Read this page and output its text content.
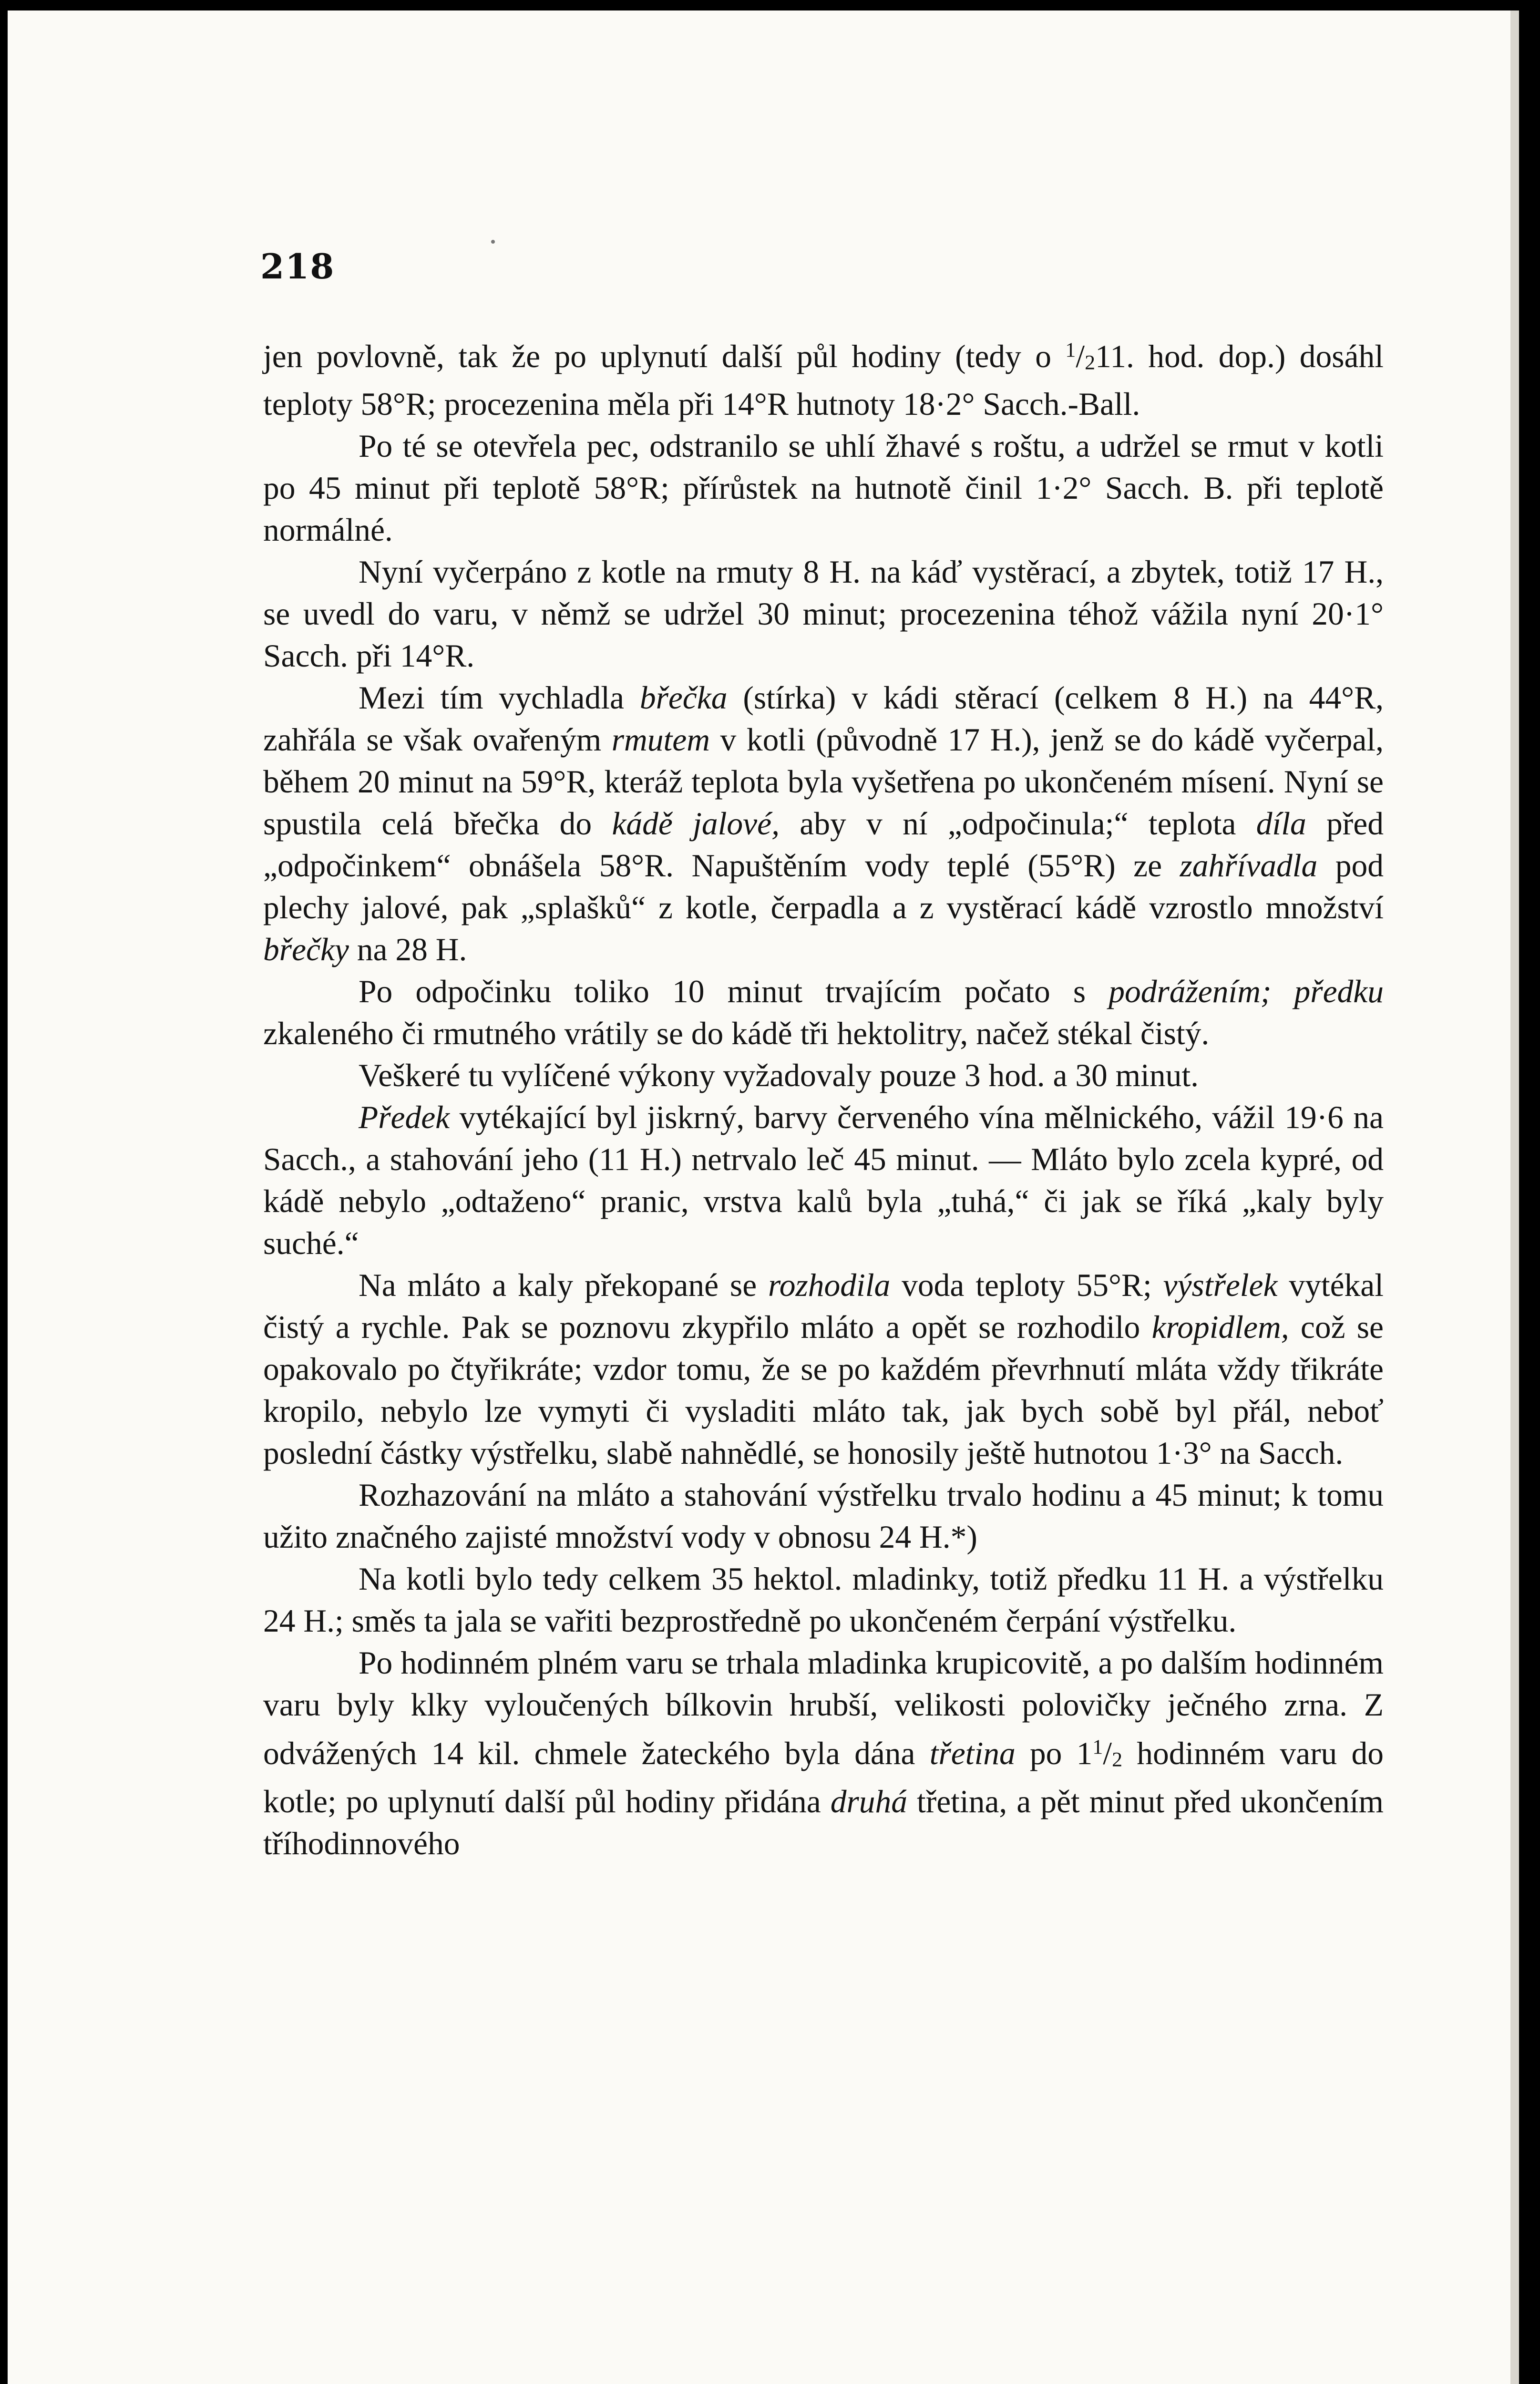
218

jen povlovně, tak že po uplynutí další půl hodiny (tedy o $^1$/211. hod. dop.) dosáhl teploty 58°R; procezenina měla při 14°R hutnoty 18·2° Sacch.-Ball.

Po té se otevřela pec, odstranilo se uhlí žhavé s roštu, a udržel se rmut v kotli po 45 minut při teplotě 58°R; přírůstek na hutnotě činil 1·2° Sacch. B. při teplotě normálné.

Nyní vyčerpáno z kotle na rmuty 8 H. na káď vystěrací, a zbytek, totiž 17 H., se uvedl do varu, v němž se udržel 30 minut; procezenina téhož vážila nyní 20·1° Sacch. při 14°R.

Mezi tím vychladla břečka (stírka) v kádi stěrací (celkem 8 H.) na 44°R, zahřála se však ovařeným rmutem v kotli (původně 17 H.), jenž se do kádě vyčerpal, během 20 minut na 59°R, kteráž teplota byla vyšetřena po ukončeném mísení. Nyní se spustila celá břečka do kádě jalové, aby v ní „odpočinula;“ teplota díla před „odpočinkem“ obnášela 58°R. Napuštěním vody teplé (55°R) ze zahřívadla pod plechy jalové, pak „splašků“ z kotle, čerpadla a z vystěrací kádě vzrostlo množství břečky na 28 H.

Po odpočinku toliko 10 minut trvajícím počato s podrážením; předku zkaleného či rmutného vrátily se do kádě tři hektolitry, načež stékal čistý.

Veškeré tu vylíčené výkony vyžadovaly pouze 3 hod. a 30 minut.

Předek vytékající byl jiskrný, barvy červeného vína mělnického, vážil 19·6 na Sacch., a stahování jeho (11 H.) netrvalo leč 45 minut. — Mláto bylo zcela kypré, od kádě nebylo „odtaženo“ pranic, vrstva kalů byla „tuhá,“ či jak se říká „kaly byly suché.“

Na mláto a kaly překopané se rozhodila voda teploty 55°R; výstřelek vytékal čistý a rychle. Pak se poznovu zkypřilo mláto a opět se rozhodilo kropidlem, což se opakovalo po čtyřikráte; vzdor tomu, že se po každém převrhnutí mláta vždy třikráte kropilo, nebylo lze vymyti či vysladiti mláto tak, jak bych sobě byl přál, neboť poslední částky výstřelku, slabě nahnědlé, se honosily ještě hutnotou 1·3° na Sacch.

Rozhazování na mláto a stahování výstřelku trvalo hodinu a 45 minut; k tomu užito značného zajisté množství vody v obnosu 24 H.*)

Na kotli bylo tedy celkem 35 hektol. mladinky, totiž předku 11 H. a výstřelku 24 H.; směs ta jala se vařiti bezprostředně po ukončeném čerpání výstřelku.

Po hodinném plném varu se trhala mladinka krupicovitě, a po dalším hodinném varu byly klky vyloučených bílkovin hrubší, velikosti polovičky ječného zrna. Z odvážených 14 kil. chmele žateckého byla dána třetina po $1^1/2$ hodinném varu do kotle; po uplynutí další půl hodiny přidána druhá třetina, a pět minut před ukončením tříhodinnového
